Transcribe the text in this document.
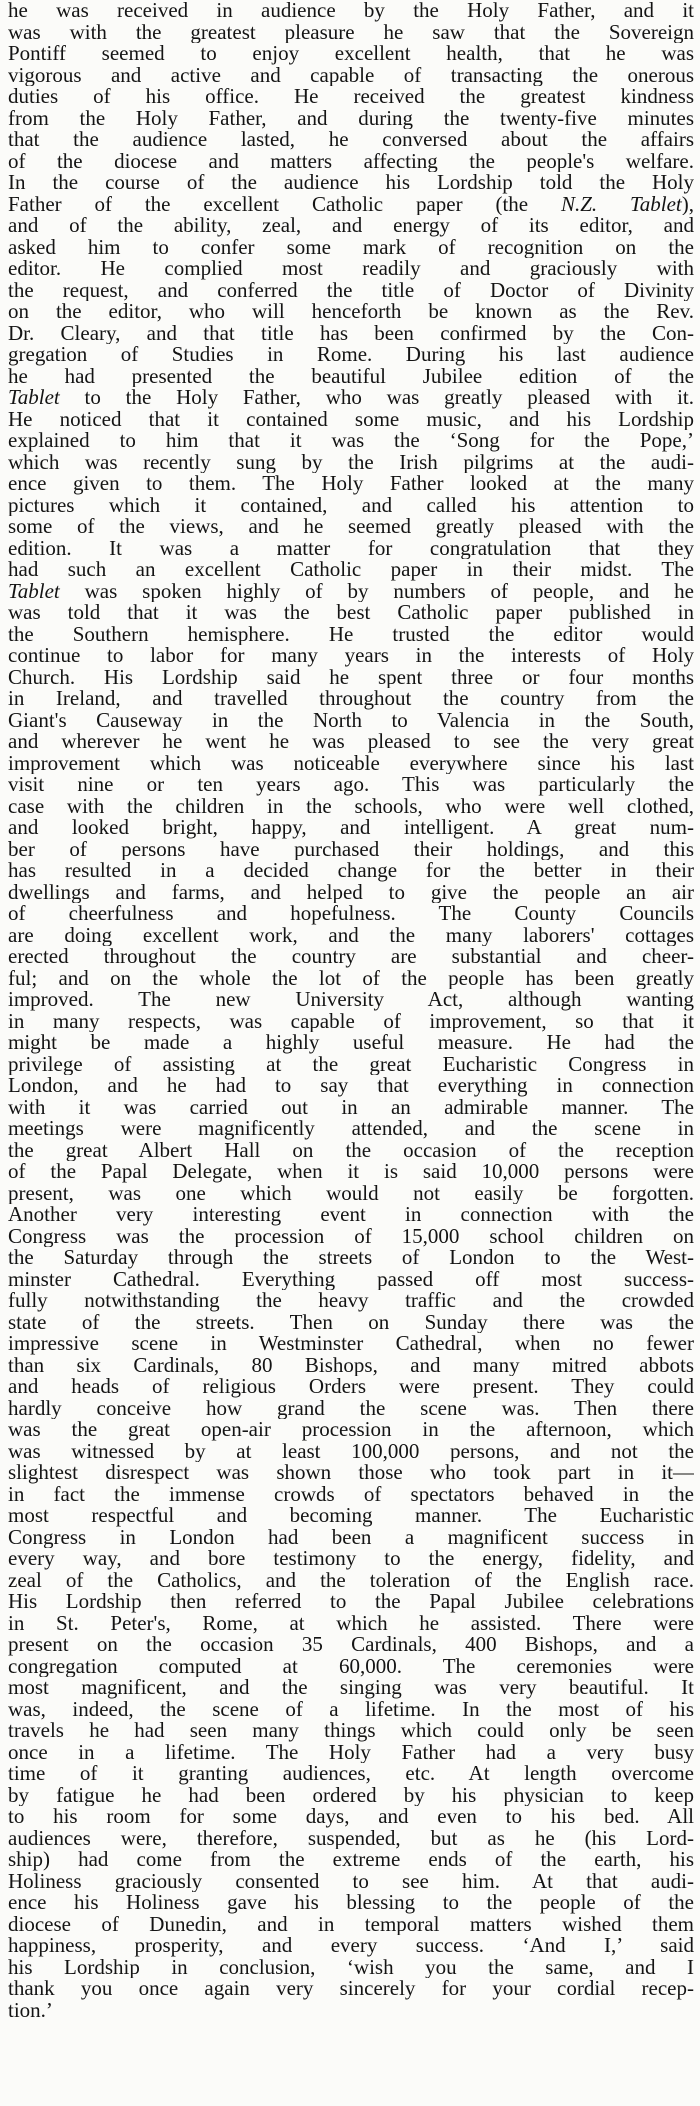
he was received in audience by the Holy Father, and it
was with the greatest pleasure he saw that the Sovereign
Pontiff seemed to enjoy excellent health, that he was
vigorous and active and capable of transacting the onerous
duties of his office. He received the greatest kindness
from the Holy Father, and during the twenty-five minutes
that the audience lasted, he conversed about the affairs
of the diocese and matters affecting the people's welfare.
In the course of the audience his Lordship told the Holy
Father of the excellent Catholic paper (the N.Z. Tablet),
and of the ability, zeal, and energy of its editor, and
asked him to confer some mark of recognition on the
editor. He complied most readily and graciously with
the request, and conferred the title of Doctor of Divinity
on the editor, who will henceforth be known as the Rev.
Dr. Cleary, and that title has been confirmed by the Con-
gregation of Studies in Rome. During his last audience
he had presented the beautiful Jubilee edition of the
Tablet to the Holy Father, who was greatly pleased with it.
He noticed that it contained some music, and his Lordship
explained to him that it was the ‘Song for the Pope,’
which was recently sung by the Irish pilgrims at the audi-
ence given to them. The Holy Father looked at the many
pictures which it contained, and called his attention to
some of the views, and he seemed greatly pleased with the
edition. It was a matter for congratulation that they
had such an excellent Catholic paper in their midst. The
Tablet was spoken highly of by numbers of people, and he
was told that it was the best Catholic paper published in
the Southern hemisphere. He trusted the editor would
continue to labor for many years in the interests of Holy
Church. His Lordship said he spent three or four months
in Ireland, and travelled throughout the country from the
Giant's Causeway in the North to Valencia in the South,
and wherever he went he was pleased to see the very great
improvement which was noticeable everywhere since his last
visit nine or ten years ago. This was particularly the
case with the children in the schools, who were well clothed,
and looked bright, happy, and intelligent. A great num-
ber of persons have purchased their holdings, and this
has resulted in a decided change for the better in their
dwellings and farms, and helped to give the people an air
of cheerfulness and hopefulness. The County Councils
are doing excellent work, and the many laborers' cottages
erected throughout the country are substantial and cheer-
ful; and on the whole the lot of the people has been greatly
improved. The new University Act, although wanting
in many respects, was capable of improvement, so that it
might be made a highly useful measure. He had the
privilege of assisting at the great Eucharistic Congress in
London, and he had to say that everything in connection
with it was carried out in an admirable manner. The
meetings were magnificently attended, and the scene in
the great Albert Hall on the occasion of the reception
of the Papal Delegate, when it is said 10,000 persons were
present, was one which would not easily be forgotten.
Another very interesting event in connection with the
Congress was the procession of 15,000 school children on
the Saturday through the streets of London to the West-
minster Cathedral. Everything passed off most success-
fully notwithstanding the heavy traffic and the crowded
state of the streets. Then on Sunday there was the
impressive scene in Westminster Cathedral, when no fewer
than six Cardinals, 80 Bishops, and many mitred abbots
and heads of religious Orders were present. They could
hardly conceive how grand the scene was. Then there
was the great open-air procession in the afternoon, which
was witnessed by at least 100,000 persons, and not the
slightest disrespect was shown those who took part in it—
in fact the immense crowds of spectators behaved in the
most respectful and becoming manner. The Eucharistic
Congress in London had been a magnificent success in
every way, and bore testimony to the energy, fidelity, and
zeal of the Catholics, and the toleration of the English race.
His Lordship then referred to the Papal Jubilee celebrations
in St. Peter's, Rome, at which he assisted. There were
present on the occasion 35 Cardinals, 400 Bishops, and a
congregation computed at 60,000. The ceremonies were
most magnificent, and the singing was very beautiful. It
was, indeed, the scene of a lifetime. In the most of his
travels he had seen many things which could only be seen
once in a lifetime. The Holy Father had a very busy
time of it granting audiences, etc. At length overcome
by fatigue he had been ordered by his physician to keep
to his room for some days, and even to his bed. All
audiences were, therefore, suspended, but as he (his Lord-
ship) had come from the extreme ends of the earth, his
Holiness graciously consented to see him. At that audi-
ence his Holiness gave his blessing to the people of the
diocese of Dunedin, and in temporal matters wished them
happiness, prosperity, and every success. ‘And I,’ said
his Lordship in conclusion, ‘wish you the same, and I
thank you once again very sincerely for your cordial recep-
tion.’
